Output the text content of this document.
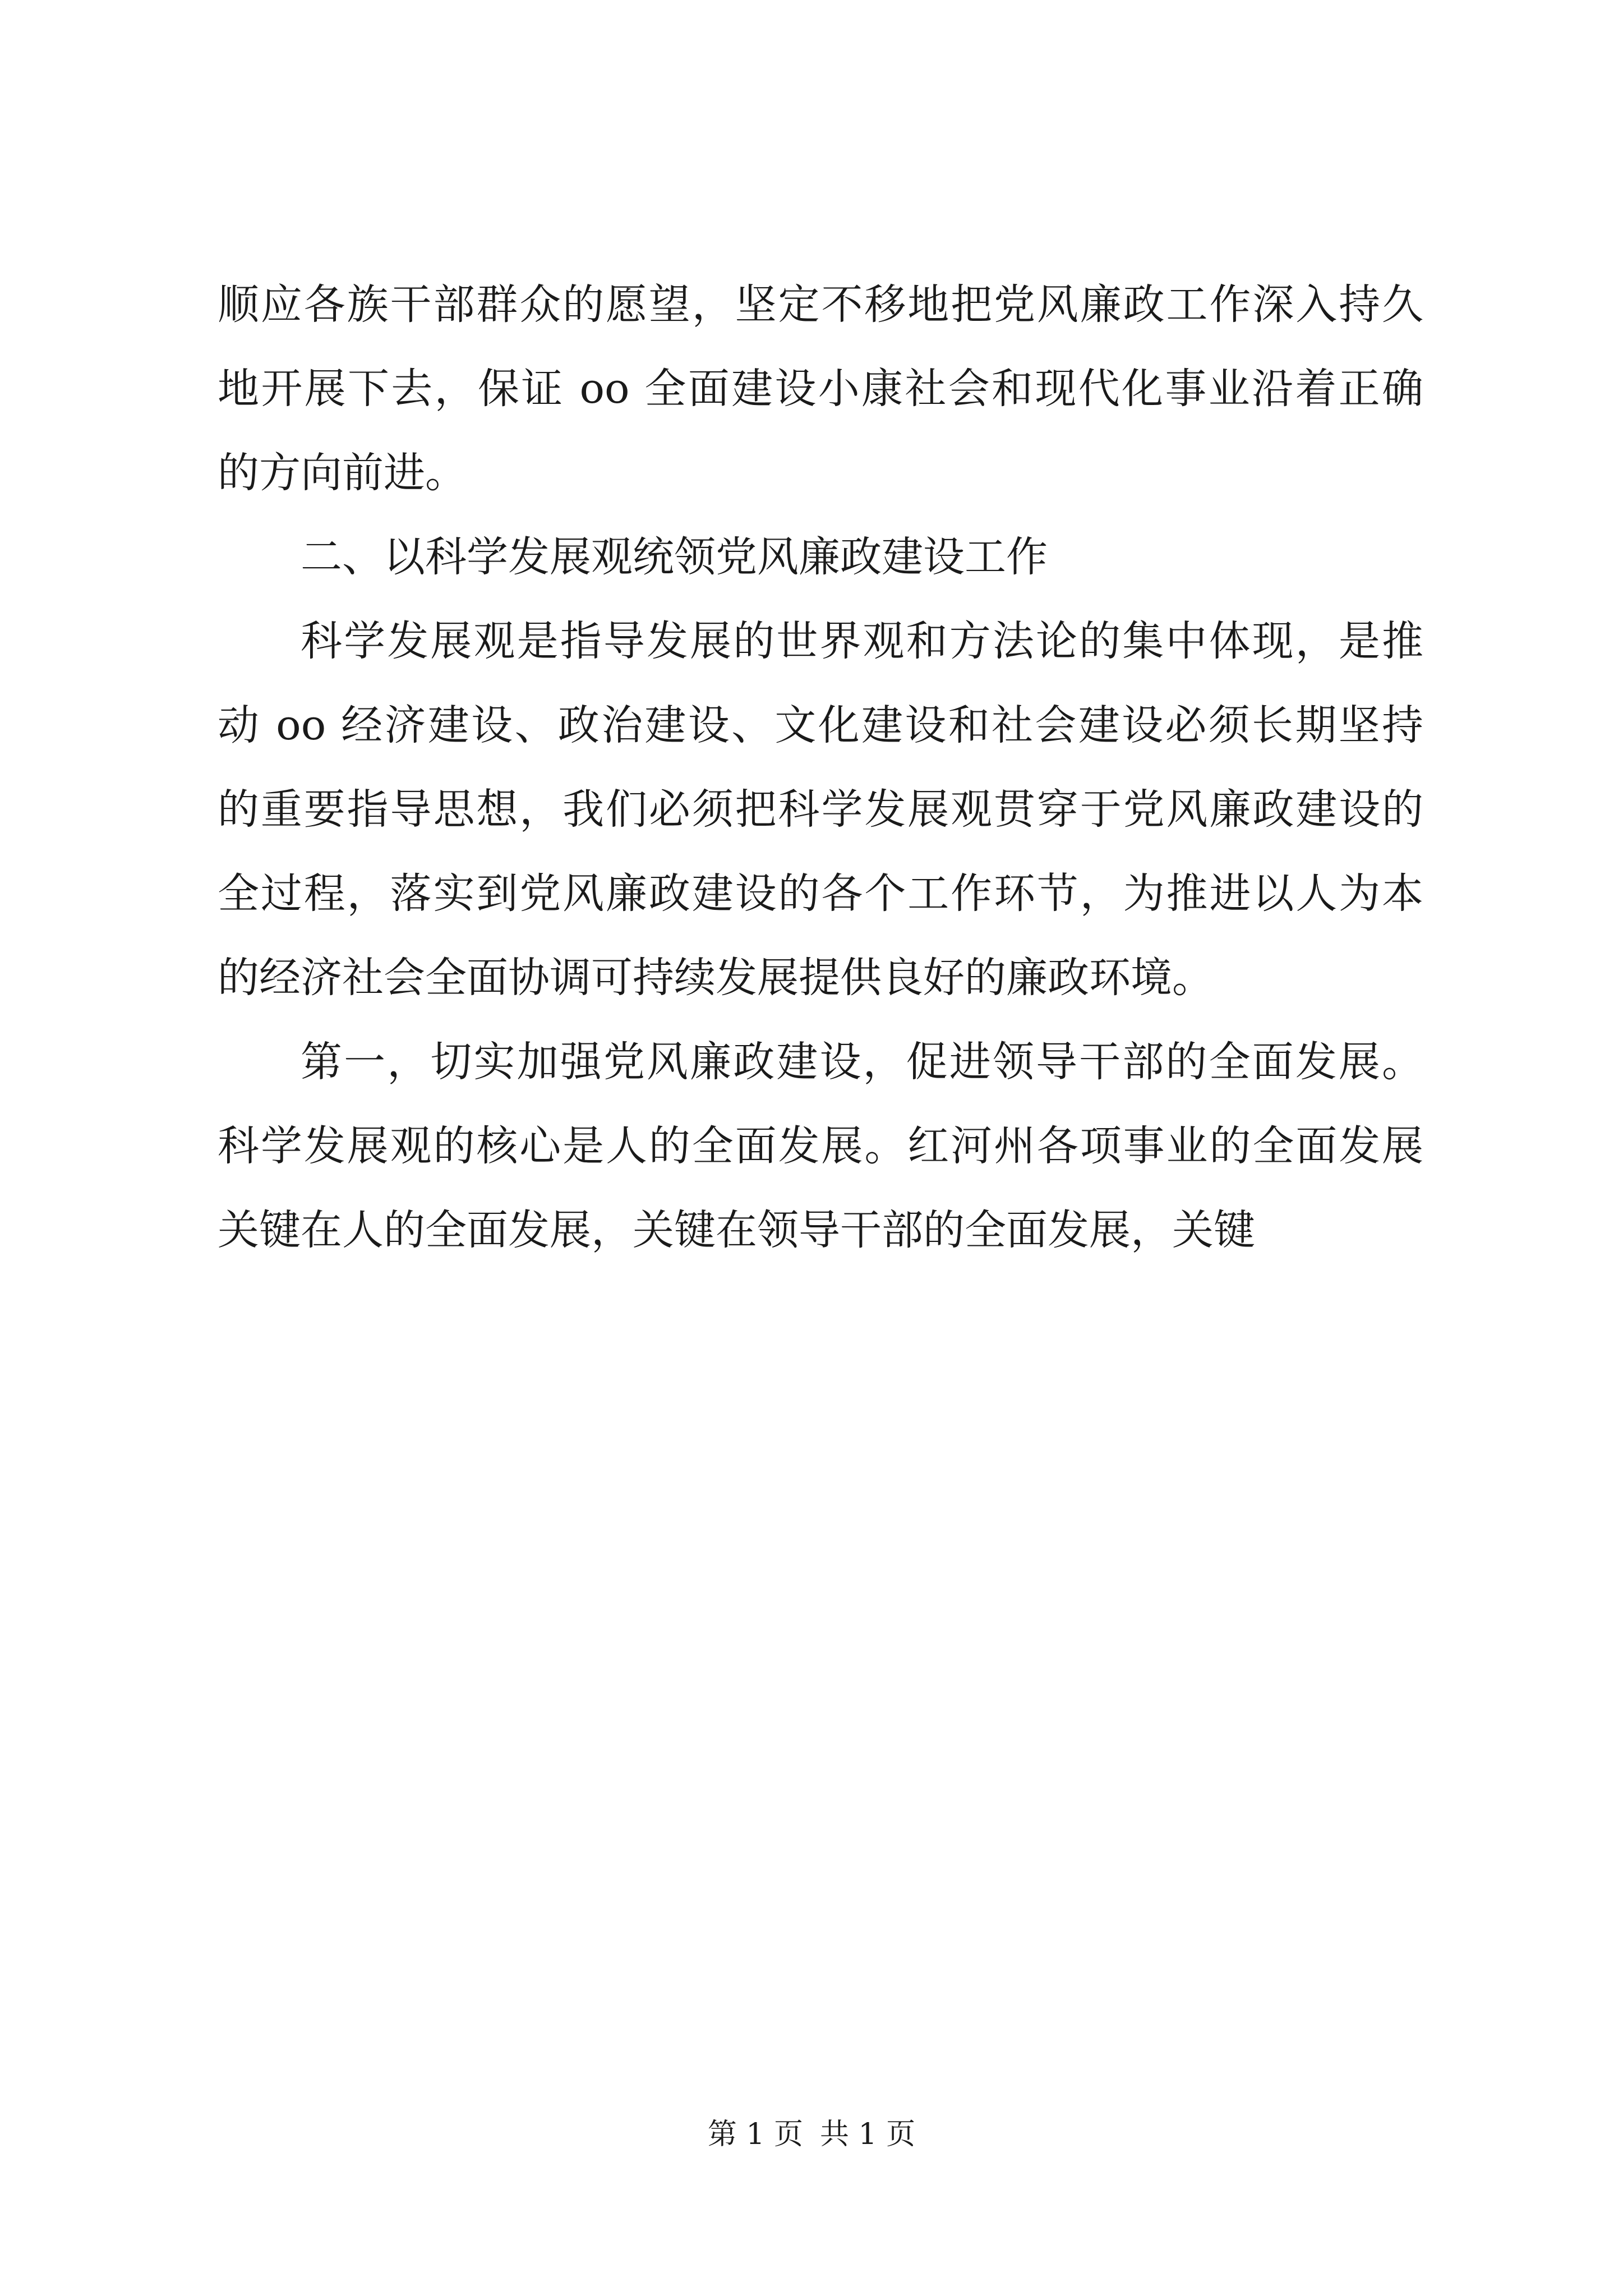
顺应各族干部群众的愿望，坚定不移地把党风廉政工作深入持久
地开展下去，保证 oo 全面建设小康社会和现代化事业沿着正确
的方向前进。
二、以科学发展观统领党风廉政建设工作
科学发展观是指导发展的世界观和方法论的集中体现，是推
动 oo 经济建设、政治建设、文化建设和社会建设必须长期坚持
的重要指导思想，我们必须把科学发展观贯穿于党风廉政建设的
全过程，落实到党风廉政建设的各个工作环节，为推进以人为本
的经济社会全面协调可持续发展提供良好的廉政环境。
第一，切实加强党风廉政建设，促进领导干部的全面发展。
科学发展观的核心是人的全面发展。红河州各项事业的全面发展
关键在人的全面发展，关键在领导干部的全面发展，关键
第 1 页 共 1 页
